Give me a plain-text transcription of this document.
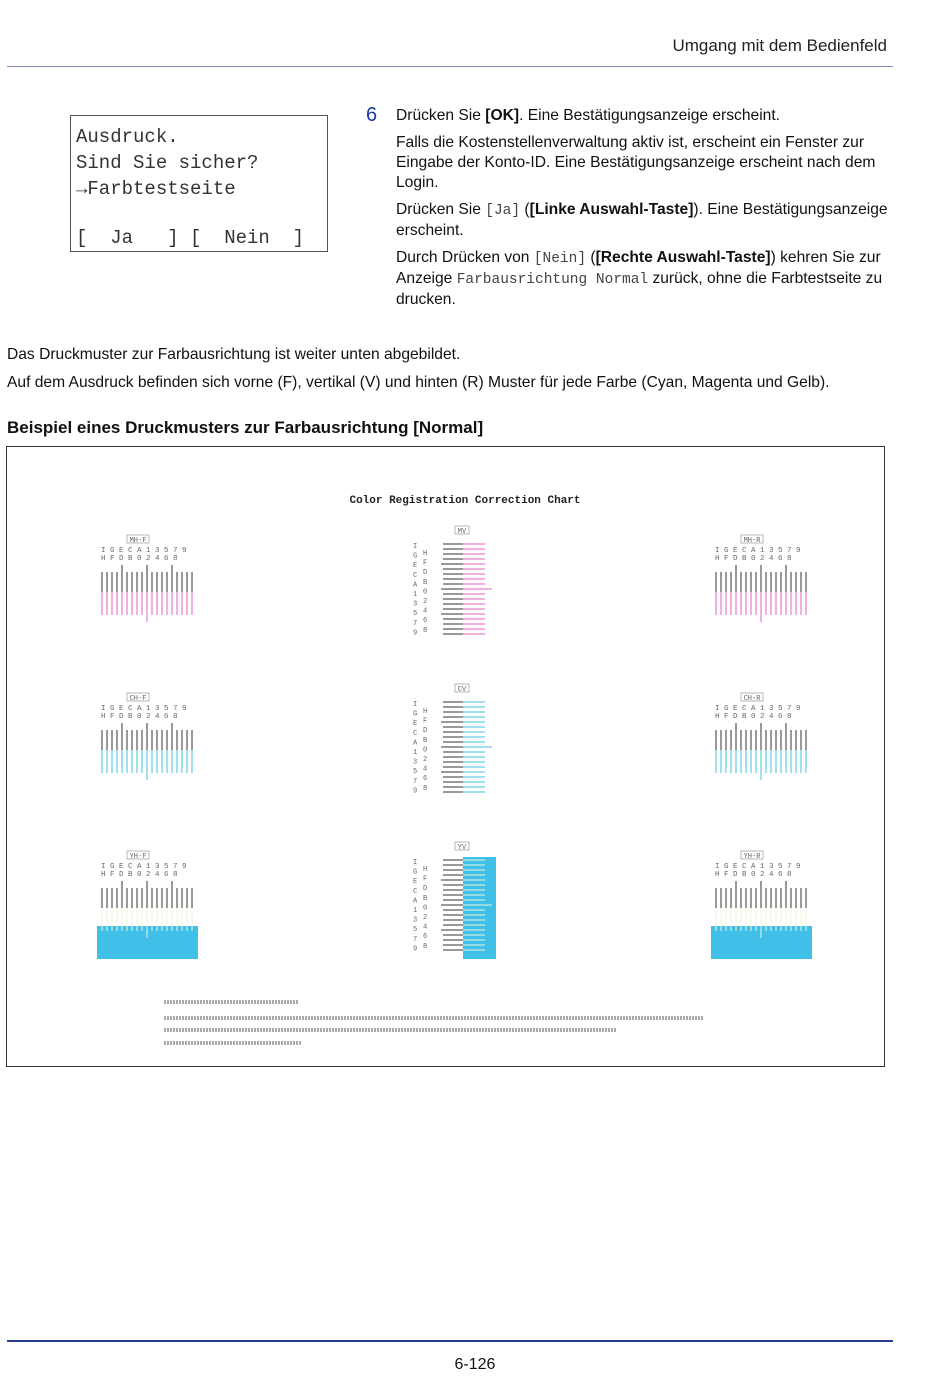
Umgang mit dem Bedienfeld
Ausdruck.
Sind Sie sicher?
→Farbtestseite
[  Ja   ] [  Nein  ]
6 Drücken Sie [OK]. Eine Bestätigungsanzeige erscheint.

Falls die Kostenstellenverwaltung aktiv ist, erscheint ein Fenster zur Eingabe der Konto-ID. Eine Bestätigungsanzeige erscheint nach dem Login.

Drücken Sie [Ja] ([Linke Auswahl-Taste]). Eine Bestätigungsanzeige erscheint.

Durch Drücken von [Nein] ([Rechte Auswahl-Taste]) kehren Sie zur Anzeige Farbausrichtung Normal zurück, ohne die Farbtestseite zu drucken.

Das Druckmuster zur Farbausrichtung ist weiter unten abgebildet.
Auf dem Ausdruck befinden sich vorne (F), vertikal (V) und hinten (R) Muster für jede Farbe (Cyan, Magenta und Gelb).
Beispiel eines Druckmusters zur Farbausrichtung [Normal]
Color Registration Correction Chart
MH-F
I G E C A 1 3 5 7 9
H F D B 0 2 4 6 8
MH-R
I G E C A 1 3 5 7 9
H F D B 0 2 4 6 8
MV
I
G
E
C
A
1
3
5
7
9
H
F
D
B
0
2
4
6
8
CH-F
I G E C A 1 3 5 7 9
H F D B 0 2 4 6 8
CH-R
I G E C A 1 3 5 7 9
H F D B 0 2 4 6 8
CV
I
G
E
C
A
1
3
5
7
9
H
F
D
B
0
2
4
6
8
YH-F
I G E C A 1 3 5 7 9
H F D B 0 2 4 6 8
YH-R
I G E C A 1 3 5 7 9
H F D B 0 2 4 6 8
YV
I
G
E
C
A
1
3
5
7
9
H
F
D
B
0
2
4
6
8
6-126
